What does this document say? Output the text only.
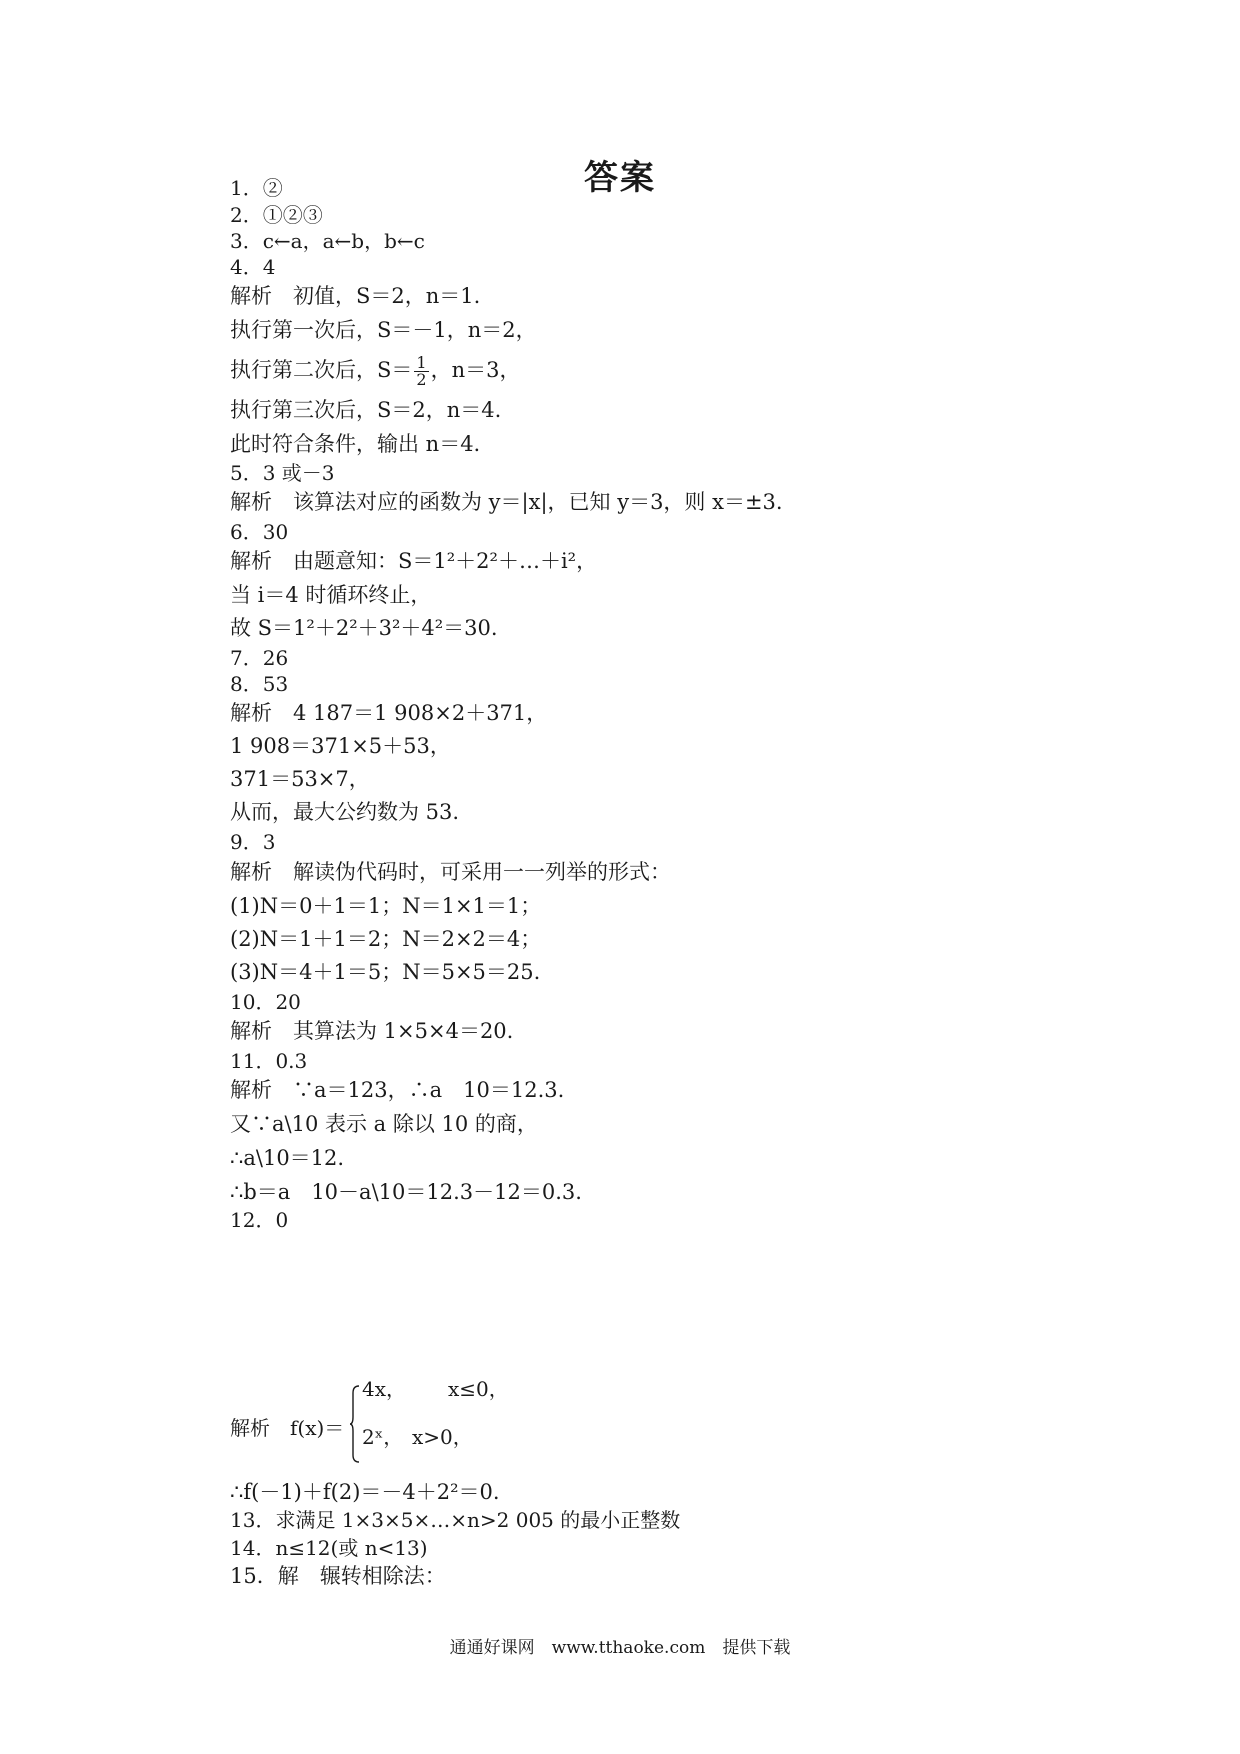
答案
1．②
2．①②③
3．c←a，a←b，b←c
4．4
解析　初值，S＝2，n＝1.
执行第一次后，S＝－1，n＝2，
执行第二次后，$S= \frac{1}{2}$ ，n＝3，
执行第三次后，S＝2，n＝4.
此时符合条件，输出 n＝4.
5．3 或－3
解析　该算法对应的函数为 y＝|x|，已知 y＝3，则 x＝±3.
6．30
解析　由题意知：S＝1²＋2²＋…＋i²，
当 i＝4 时循环终止，
故 S＝1²＋2²＋3²＋4²＝30.
7．26
8．53
解析　4 187＝1 908×2＋371，
1 908＝371×5＋53，
371＝53×7，
从而，最大公约数为 53.
9．3
解析　解读伪代码时，可采用一一列举的形式：
(1)N＝0＋1＝1；N＝1×1＝1；
(2)N＝1＋1＝2；N＝2×2＝4；
(3)N＝4＋1＝5；N＝5×5＝25.
10．20
解析　其算法为 1×5×4＝20.
11．0.3
解析　∵a＝123，∴a　10＝12.3.
又∵a\10 表示 a 除以 10 的商，
∴a\10＝12.
∴b＝a　10－a\10＝12.3－12＝0.3.
12．0
解析　f(x)＝
4x， x≤0，
2ˣ， x>0，
∴f(－1)＋f(2)＝－4＋2²＝0.
13．求满足 1×3×5×…×n>2 005 的最小正整数
14．n≤12(或 n<13)
15．解　辗转相除法：
通通好课网　www.tthaoke.com　提供下载
